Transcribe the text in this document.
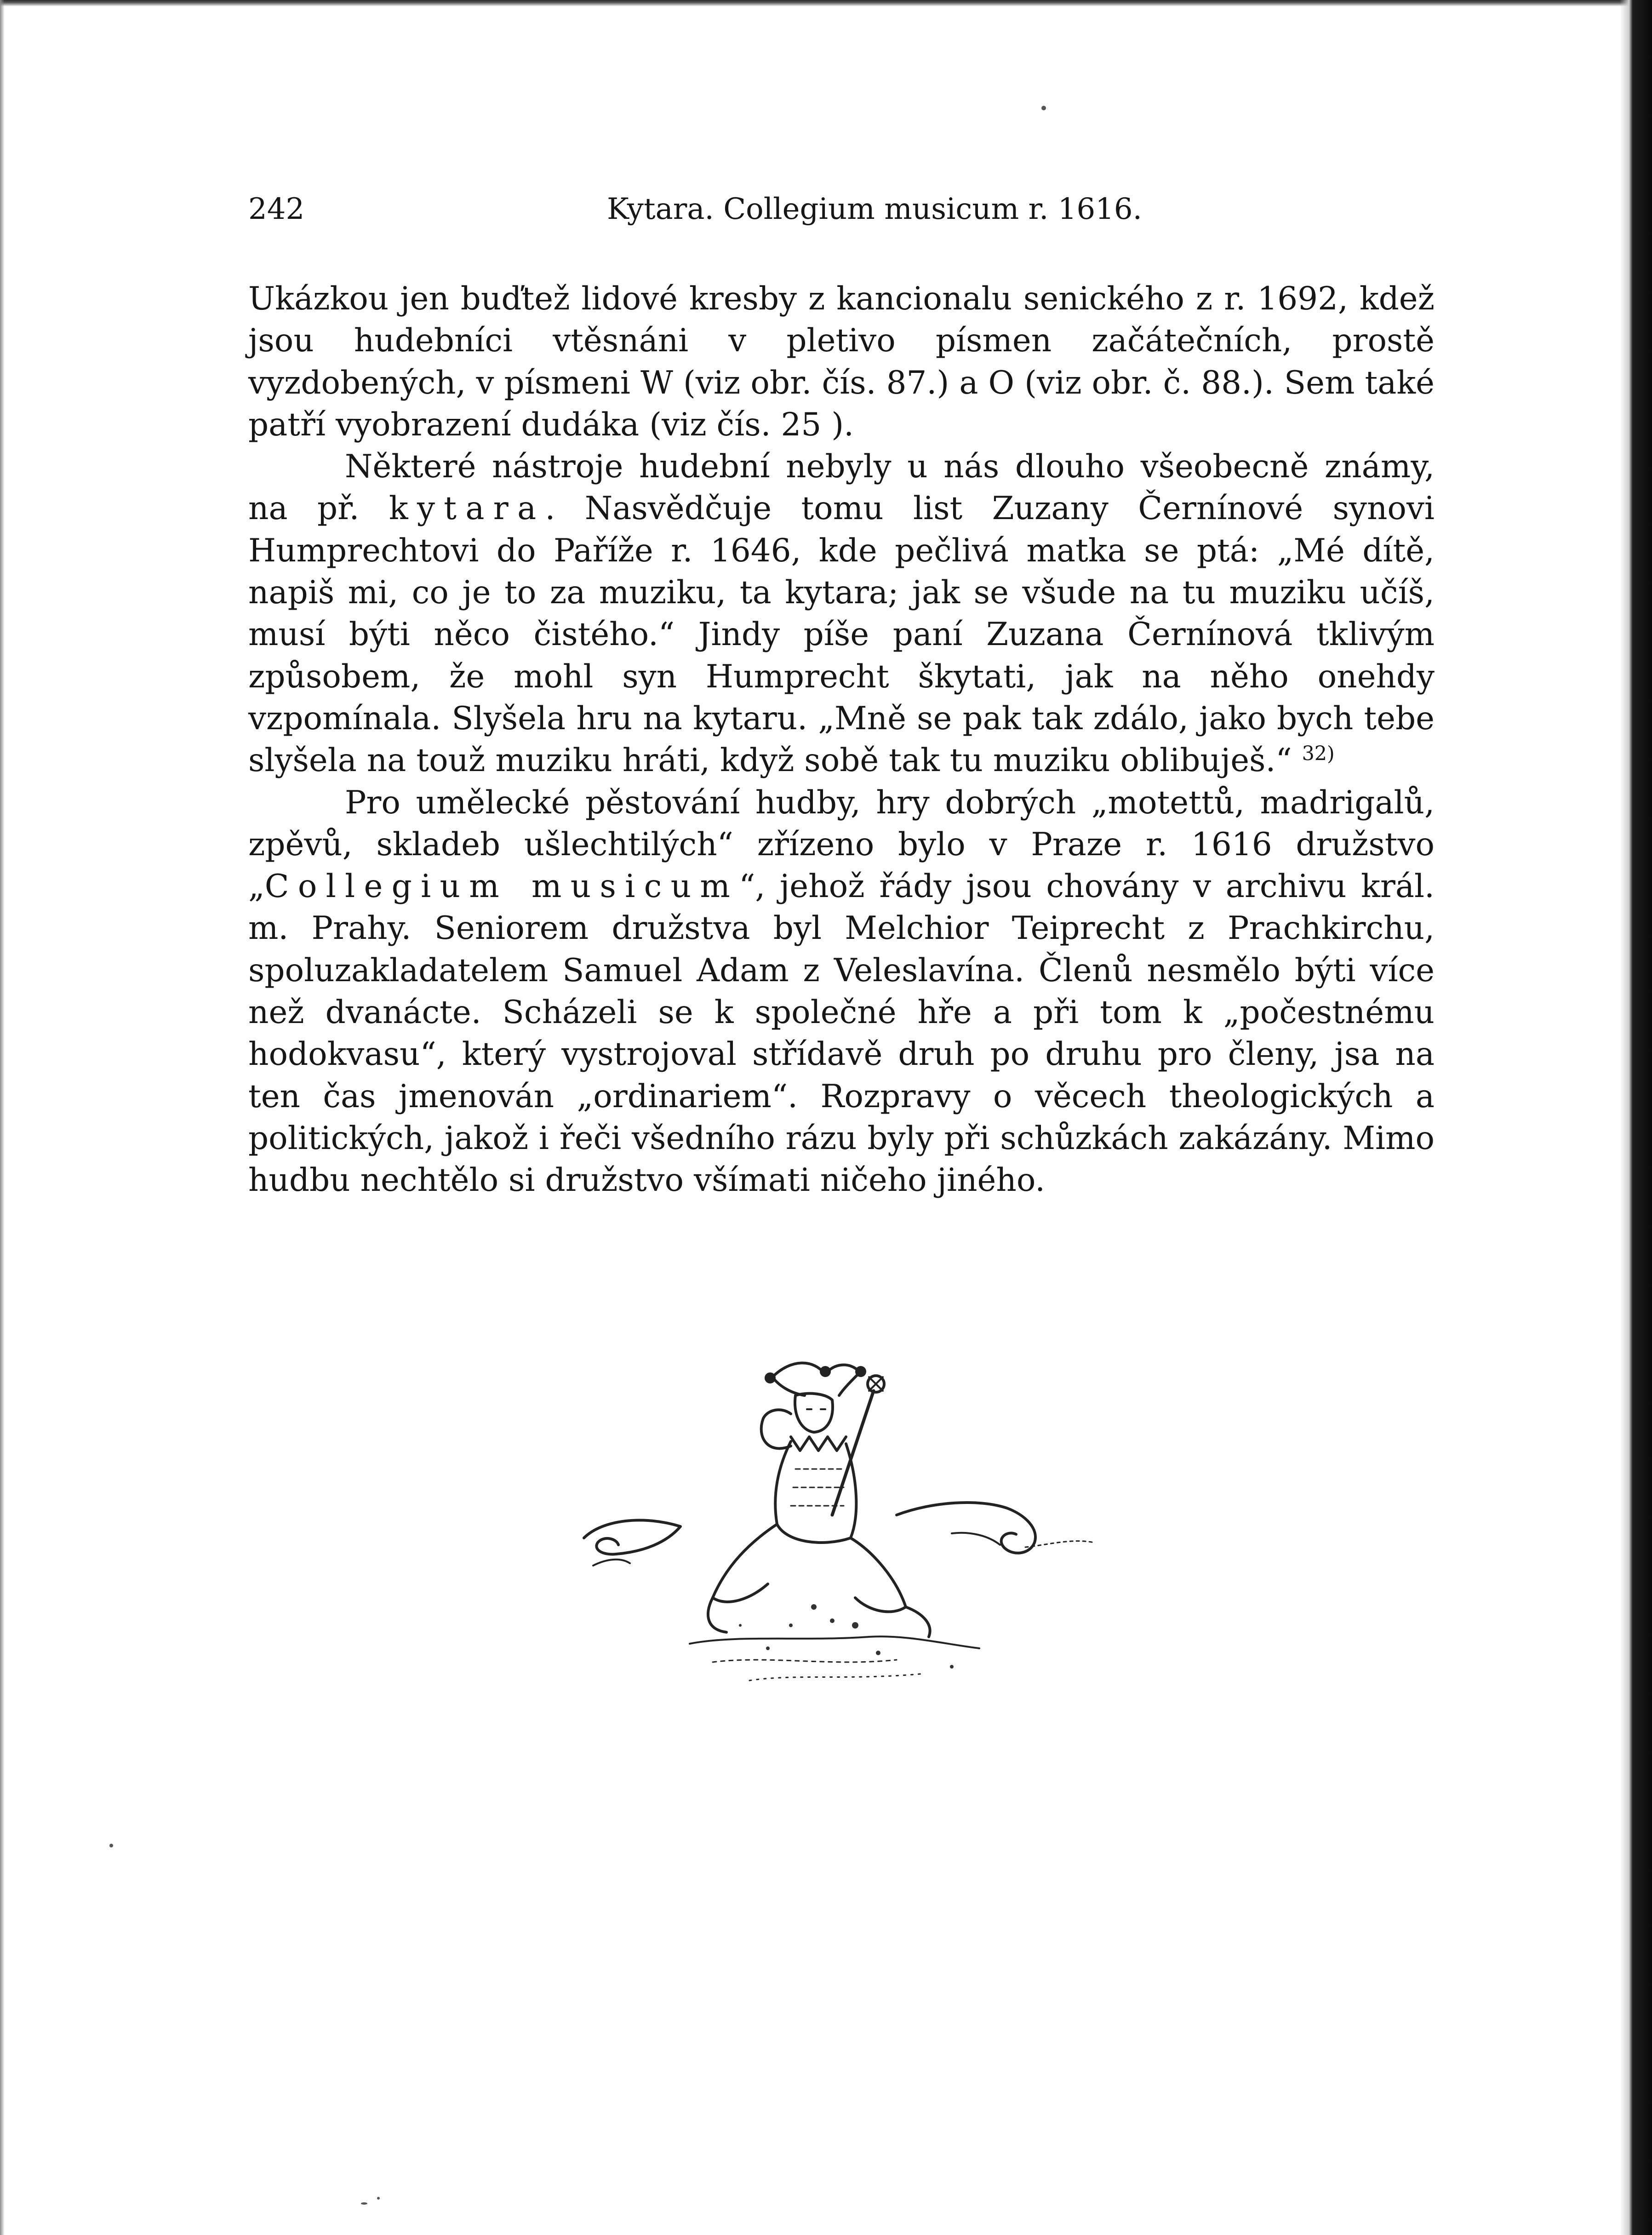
242	Kytara. Collegium musicum r. 1616.

Ukázkou jen buďtež lidové kresby z kancionalu senického z r. 1692, kdež jsou hudebníci vtěsnáni v pletivo písmen začátečních, prostě vyzdobených, v písmeni W (viz obr. čís. 87.) a O (viz obr. č. 88.). Sem také patří vyobrazení dudáka (viz čís. 25 ).

Některé nástroje hudební nebyly u nás dlouho všeobecně známy, na př. kytara. Nasvědčuje tomu list Zuzany Černínové synovi Humprechtovi do Paříže r. 1646, kde pečlivá matka se ptá: „Mé dítě, napiš mi, co je to za muziku, ta kytara; jak se všude na tu muziku učíš, musí býti něco čistého.“ Jindy píše paní Zuzana Černínová tklivým způsobem, že mohl syn Humprecht škytati, jak na něho onehdy vzpomínala. Slyšela hru na kytaru. „Mně se pak tak zdálo, jako bych tebe slyšela na touž muziku hráti, když sobě tak tu muziku oblibuješ.“ $^{32)}$

Pro umělecké pěstování hudby, hry dobrých „motettů, madrigalů, zpěvů, skladeb ušlechtilých“ zřízeno bylo v Praze r. 1616 družstvo „Collegium musicum“, jehož řády jsou chovány v archivu král. m. Prahy. Seniorem družstva byl Melchior Teiprecht z Prachkirchu, spoluzakladatelem Samuel Adam z Veleslavína. Členů nesmělo býti více než dvanácte. Scházeli se k společné hře a při tom k „počestnému hodokvasu“, který vystrojoval střídavě druh po druhu pro členy, jsa na ten čas jmenován „ordinariem“. Rozpravy o věcech theologických a politických, jakož i řeči všedního rázu byly při schůzkách zakázány. Mimo hudbu nechtělo si družstvo všímati ničeho jiného.
